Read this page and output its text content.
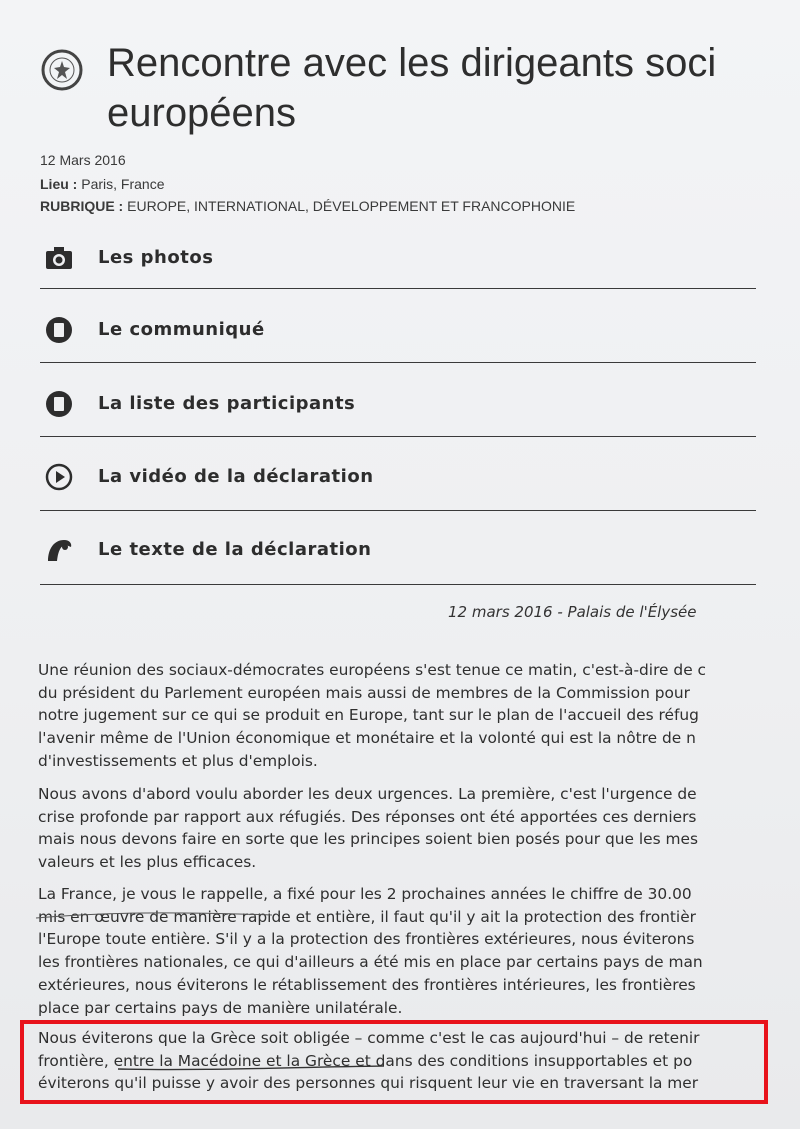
Rencontre avec les dirigeants soci
européens
12 Mars 2016
Lieu : Paris, France
RUBRIQUE : EUROPE, INTERNATIONAL, DÉVELOPPEMENT ET FRANCOPHONIE
Les photos
Le communiqué
La liste des participants
La vidéo de la déclaration
Le texte de la déclaration
12 mars 2016 - Palais de l'Élysée
Une réunion des sociaux-démocrates européens s'est tenue ce matin, c'est-à-dire de c
du président du Parlement européen mais aussi de membres de la Commission pour
notre jugement sur ce qui se produit en Europe, tant sur le plan de l'accueil des réfug
l'avenir même de l'Union économique et monétaire et la volonté qui est la nôtre de n
d'investissements et plus d'emplois.
Nous avons d'abord voulu aborder les deux urgences. La première, c'est l'urgence de
crise profonde par rapport aux réfugiés. Des réponses ont été apportées ces derniers
mais nous devons faire en sorte que les principes soient bien posés pour que les mes
valeurs et les plus efficaces.
La France, je vous le rappelle, a fixé pour les 2 prochaines années le chiffre de 30.00
mis en œuvre de manière rapide et entière, il faut qu'il y ait la protection des frontièr
l'Europe toute entière. S'il y a la protection des frontières extérieures, nous éviterons
les frontières nationales, ce qui d'ailleurs a été mis en place par certains pays de man
extérieures, nous éviterons le rétablissement des frontières intérieures, les frontières
place par certains pays de manière unilatérale.
Nous éviterons que la Grèce soit obligée – comme c'est le cas aujourd'hui – de retenir
frontière, entre la Macédoine et la Grèce et dans des conditions insupportables et po
éviterons qu'il puisse y avoir des personnes qui risquent leur vie en traversant la mer
